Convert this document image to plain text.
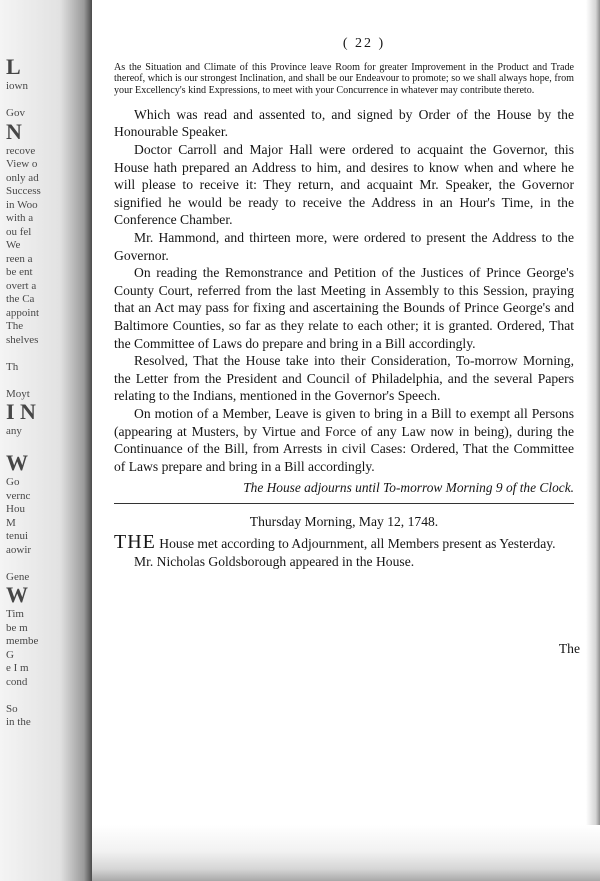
L
iown
Gov
N
recove
View o
only ad
Success
in Woo
with a
ou fel
We
reen a
be ent
overt a
the Ca
appoint
The
shelves
Th
Moyt
I N
any
W
Go
vernc
Hou
M
tenui
aowir
Gene
W
Tim
be m
membe
G
e I m
cond
So
in the
( 22 )
As the Situation and Climate of this Province leave Room for greater Improvement in the Product and Trade thereof, which is our strongest Inclination, and shall be our Endeavour to promote; so we shall always hope, from your Excellency's kind Expressions, to meet with your Concurrence in whatever may contribute thereto.

Which was read and assented to, and signed by Order of the House by the Honourable Speaker.

Doctor Carroll and Major Hall were ordered to acquaint the Governor, this House hath prepared an Address to him, and desires to know when and where he will please to receive it: They return, and acquaint Mr. Speaker, the Governor signified he would be ready to receive the Address in an Hour's Time, in the Conference Chamber.

Mr. Hammond, and thirteen more, were ordered to present the Address to the Governor.

On reading the Remonstrance and Petition of the Justices of Prince George's County Court, referred from the last Meeting in Assembly to this Session, praying that an Act may pass for fixing and ascertaining the Bounds of Prince George's and Baltimore Counties, so far as they relate to each other; it is granted. Ordered, That the Committee of Laws do prepare and bring in a Bill accordingly.

Resolved, That the House take into their Consideration, To-morrow Morning, the Letter from the President and Council of Philadelphia, and the several Papers relating to the Indians, mentioned in the Governor's Speech.

On motion of a Member, Leave is given to bring in a Bill to exempt all Persons (appearing at Musters, by Virtue and Force of any Law now in being), during the Continuance of the Bill, from Arrests in civil Cases: Ordered, That the Committee of Laws prepare and bring in a Bill accordingly.

The House adjourns until To-morrow Morning 9 of the Clock.

Thursday Morning, May 12, 1748.

THE House met according to Adjournment, all Members present as Yesterday.

Mr. Nicholas Goldsborough appeared in the House.

The
